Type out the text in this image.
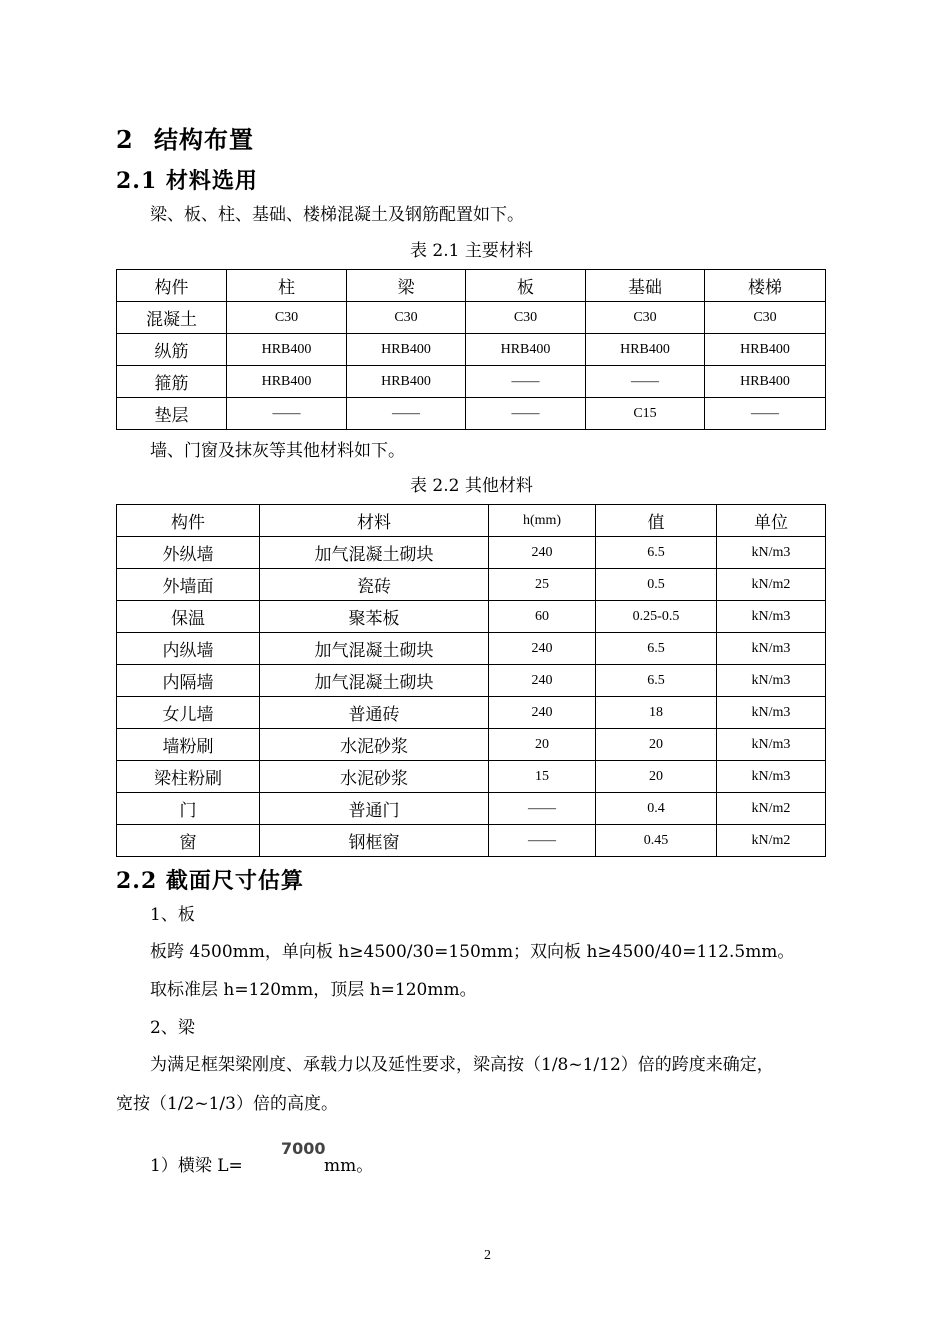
2 结构布置
2.1 材料选用
梁、板、柱、基础、楼梯混凝土及钢筋配置如下。
表 2.1 主要材料
构件	柱	梁	板	基础	楼梯
混凝土	C30	C30	C30	C30	C30
纵筋	HRB400	HRB400	HRB400	HRB400	HRB400
箍筋	HRB400	HRB400	——	——	HRB400
垫层	——	——	——	C15	——
墙、门窗及抹灰等其他材料如下。
表 2.2 其他材料
构件	材料	h(mm)	值	单位
外纵墙	加气混凝土砌块	240	6.5	kN/m3
外墙面	瓷砖	25	0.5	kN/m2
保温	聚苯板	60	0.25-0.5	kN/m3
内纵墙	加气混凝土砌块	240	6.5	kN/m3
内隔墙	加气混凝土砌块	240	6.5	kN/m3
女儿墙	普通砖	240	18	kN/m3
墙粉刷	水泥砂浆	20	20	kN/m3
梁柱粉刷	水泥砂浆	15	20	kN/m3
门	普通门	——	0.4	kN/m2
窗	钢框窗	——	0.45	kN/m2
2.2 截面尺寸估算
1、板
板跨 4500mm，单向板 h≥4500/30=150mm；双向板 h≥4500/40=112.5mm。
取标准层 h=120mm，顶层 h=120mm。
2、梁
为满足框架梁刚度、承载力以及延性要求，梁高按（1/8~1/12）倍的跨度来确定，
宽按（1/2~1/3）倍的高度。
1）横梁 L=
7000
mm。
2
